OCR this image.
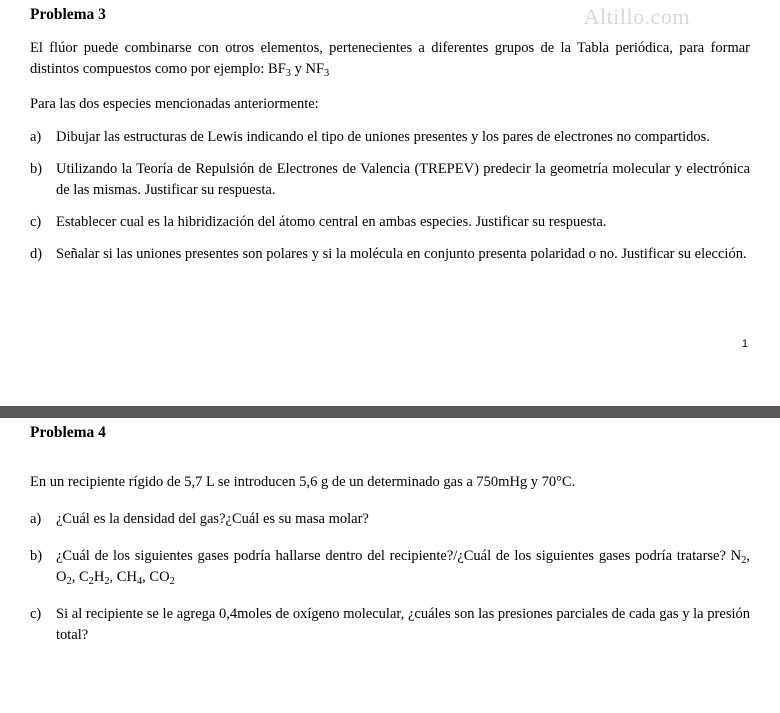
Altillo.com
Problema 3
El flúor puede combinarse con otros elementos, pertenecientes a diferentes grupos de la Tabla periódica, para formar distintos compuestos como por ejemplo: $BF_3$ y $NF_3$
Para las dos especies mencionadas anteriormente:
a)	Dibujar las estructuras de Lewis indicando el tipo de uniones presentes y los pares de electrones no compartidos.
b) Utilizando la Teoría de Repulsión de Electrones de Valencia (TREPEV) predecir la geometría molecular y electrónica de las mismas. Justificar su respuesta.
c)	Establecer cual es la hibridización del átomo central en ambas especies. Justificar su respuesta.
d) Señalar si las uniones presentes son polares y si la molécula en conjunto presenta polaridad o no. Justificar su elección.
1
Problema 4
En un recipiente rígido de 5,7 L se introducen 5,6 g de un determinado gas a 750mHg y 70°C.
a)	¿Cuál es la densidad del gas?¿Cuál es su masa molar?
b) ¿Cuál de los siguientes gases podría hallarse dentro del recipiente?/¿Cuál de los siguientes gases podría tratarse? $N_2$, $O_2$, $C_2H_2$, $CH_4$, $CO_2$
c)	Si al recipiente se le agrega 0,4moles de oxígeno molecular, ¿cuáles son las presiones parciales de cada gas y la presión total?
